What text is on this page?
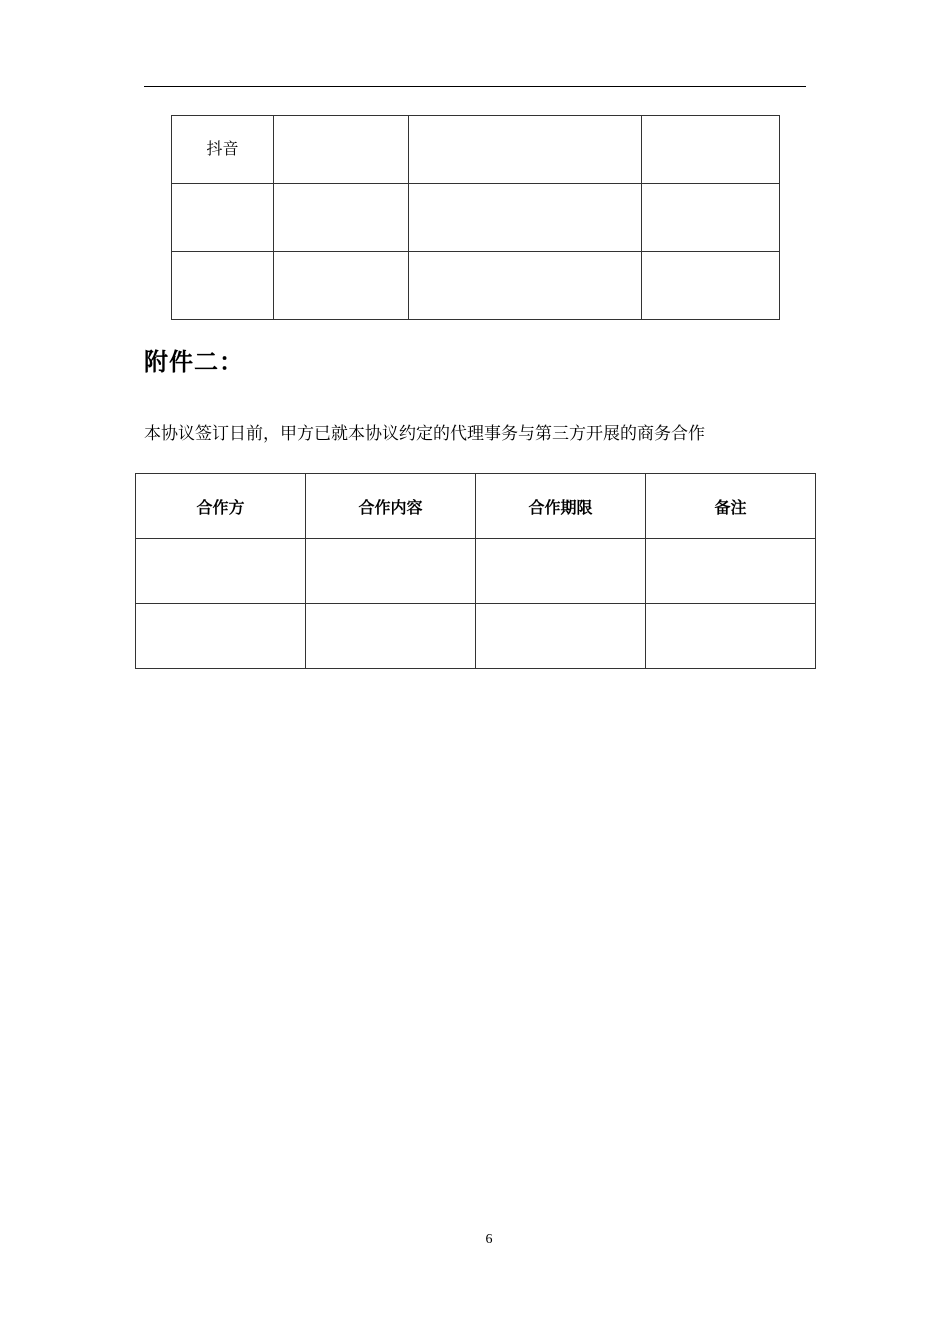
抖音			

附件二：

本协议签订日前，甲方已就本协议约定的代理事务与第三方开展的商务合作

合作方	合作内容	合作期限	备注

6
